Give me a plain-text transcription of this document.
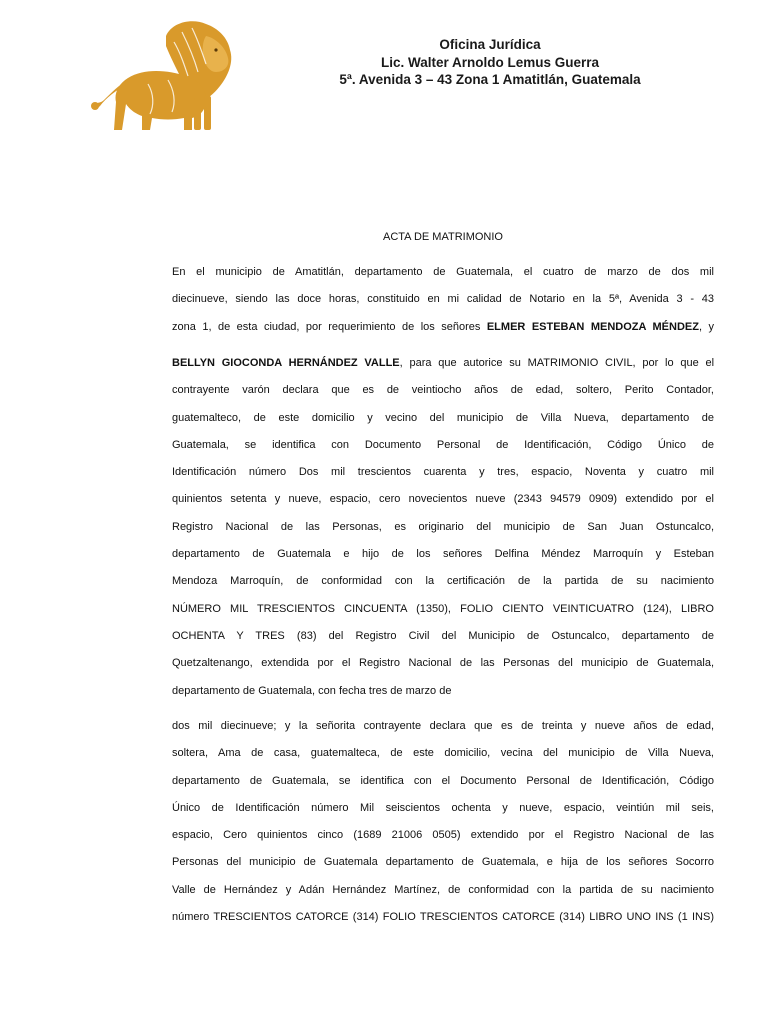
Oficina Jurídica
Lic. Walter Arnoldo Lemus Guerra
5ª. Avenida 3 – 43 Zona 1 Amatitlán, Guatemala
ACTA DE MATRIMONIO
En el municipio de Amatitlán, departamento de Guatemala, el cuatro de marzo de dos mil
diecinueve, siendo las doce horas, constituido en mi calidad de Notario en la 5ª, Avenida 3 - 43
zona 1, de esta ciudad, por requerimiento de los señores ELMER ESTEBAN MENDOZA MÉNDEZ, y
BELLYN GIOCONDA HERNÁNDEZ VALLE, para que autorice su MATRIMONIO CIVIL, por lo que el
contrayente varón declara que es de veintiocho años de edad, soltero, Perito Contador,
guatemalteco, de este domicilio y vecino del municipio de Villa Nueva, departamento de
Guatemala, se identifica con Documento Personal de Identificación, Código Único de
Identificación número Dos mil trescientos cuarenta y tres, espacio, Noventa y cuatro mil
quinientos setenta y nueve, espacio, cero novecientos nueve (2343 94579 0909) extendido por el
Registro Nacional de las Personas, es originario del municipio de San Juan Ostuncalco,
departamento de Guatemala e hijo de los señores Delfina Méndez Marroquín y Esteban
Mendoza Marroquín, de conformidad con la certificación de la partida de su nacimiento
NÚMERO MIL TRESCIENTOS CINCUENTA (1350), FOLIO CIENTO VEINTICUATRO (124), LIBRO
OCHENTA Y TRES (83) del Registro Civil del Municipio de Ostuncalco, departamento de
Quetzaltenango, extendida por el Registro Nacional de las Personas del municipio de Guatemala,
departamento de Guatemala, con fecha tres de marzo de
dos mil diecinueve; y la señorita contrayente declara que es de treinta y nueve años de edad,
soltera, Ama de casa, guatemalteca, de este domicilio, vecina del municipio de Villa Nueva,
departamento de Guatemala, se identifica con el Documento Personal de Identificación, Código
Único de Identificación número Mil seiscientos ochenta y nueve, espacio, veintiún mil seis,
espacio, Cero quinientos cinco (1689 21006 0505) extendido por el Registro Nacional de las
Personas del municipio de Guatemala departamento de Guatemala, e hija de los señores Socorro
Valle de Hernández y Adán Hernández Martínez, de conformidad con la partida de su nacimiento
número TRESCIENTOS CATORCE (314) FOLIO TRESCIENTOS CATORCE (314) LIBRO UNO INS (1 INS)
